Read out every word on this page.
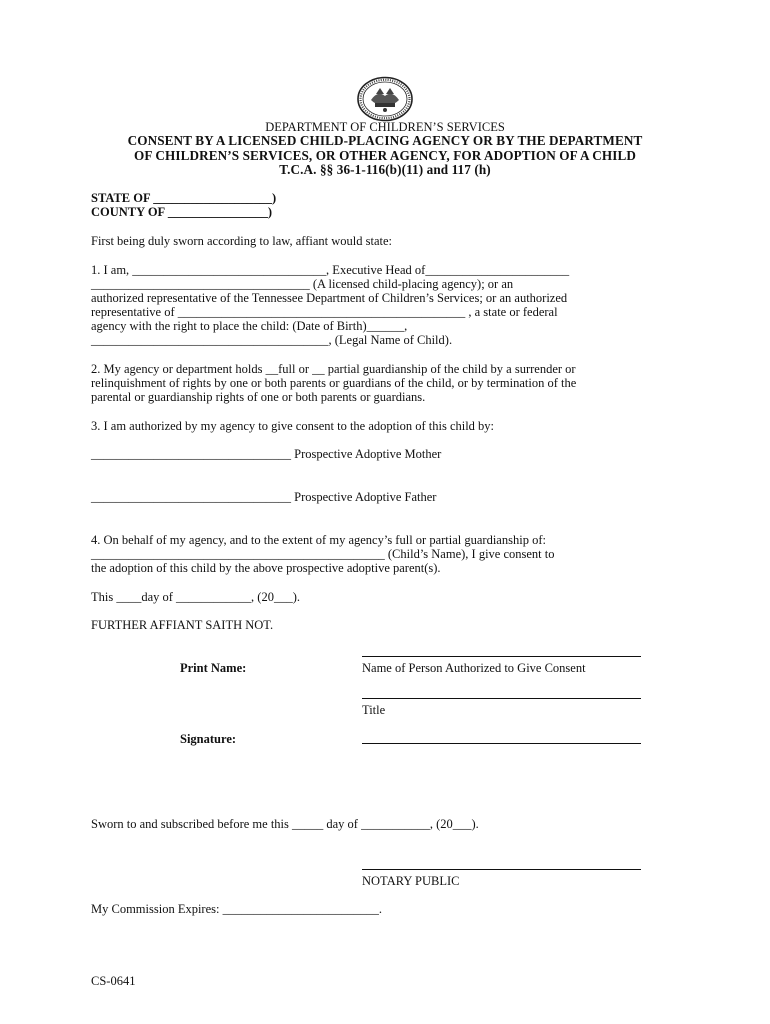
DEPARTMENT OF CHILDREN’S SERVICES
CONSENT BY A LICENSED CHILD-PLACING AGENCY OR BY THE DEPARTMENT
OF CHILDREN’S SERVICES, OR OTHER AGENCY, FOR ADOPTION OF A CHILD
T.C.A. §§ 36-1-116(b)(11) and 117 (h)
STATE OF ___________________)
COUNTY OF ________________)
First being duly sworn according to law, affiant would state:
1. I am, _______________________________, Executive Head of_______________________
___________________________________ (A licensed child-placing agency); or an
authorized representative of the Tennessee Department of Children’s Services; or an authorized
representative of ______________________________________________ , a state or federal
agency with the right to place the child: (Date of Birth)______,
______________________________________, (Legal Name of Child).
2. My agency or department holds __full or __ partial guardianship of the child by a surrender or
relinquishment of rights by one or both parents or guardians of the child, or by termination of the
parental or guardianship rights of one or both parents or guardians.
3. I am authorized by my agency to give consent to the adoption of this child by:
________________________________ Prospective Adoptive Mother
________________________________ Prospective Adoptive Father
4. On behalf of my agency, and to the extent of my agency’s full or partial guardianship of:
_______________________________________________ (Child’s Name), I give consent to
the adoption of this child by the above prospective adoptive parent(s).
This ____day of ____________, (20___).
FURTHER AFFIANT SAITH NOT.
Print Name:	Name of Person Authorized to Give Consent
Title
Signature:
Sworn to and subscribed before me this _____ day of ___________, (20___).
NOTARY PUBLIC
My Commission Expires: _________________________.
CS-0641
